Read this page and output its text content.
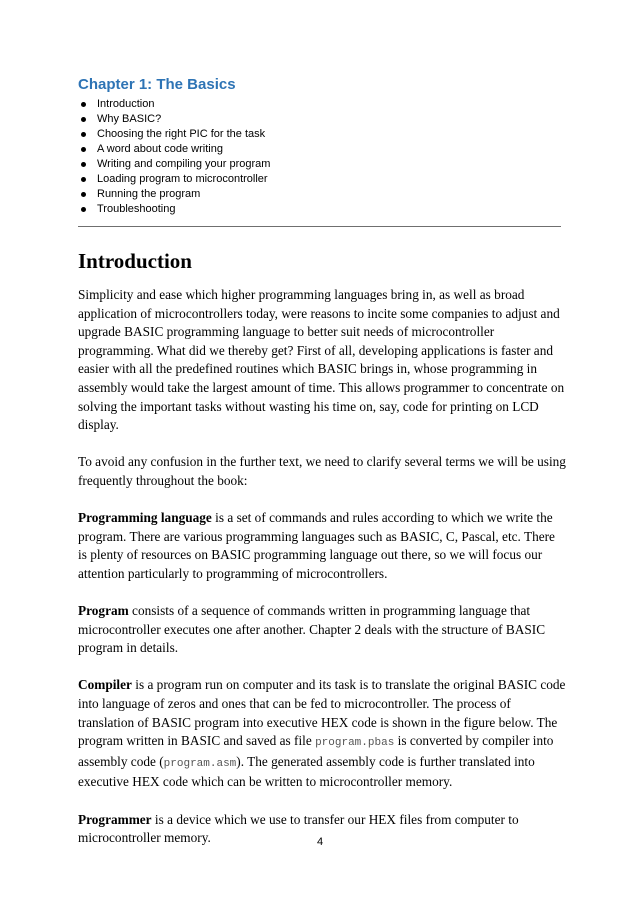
Chapter 1: The Basics
Introduction
Why BASIC?
Choosing the right PIC for the task
A word about code writing
Writing and compiling your program
Loading program to microcontroller
Running the program
Troubleshooting
Introduction

Simplicity and ease which higher programming languages bring in, as well as broad application of microcontrollers today, were reasons to incite some companies to adjust and upgrade BASIC programming language to better suit needs of microcontroller programming. What did we thereby get? First of all, developing applications is faster and easier with all the predefined routines which BASIC brings in, whose programming in assembly would take the largest amount of time. This allows programmer to concentrate on solving the important tasks without wasting his time on, say, code for printing on LCD display.

To avoid any confusion in the further text, we need to clarify several terms we will be using frequently throughout the book:

Programming language is a set of commands and rules according to which we write the program. There are various programming languages such as BASIC, C, Pascal, etc. There is plenty of resources on BASIC programming language out there, so we will focus our attention particularly to programming of microcontrollers.

Program consists of a sequence of commands written in programming language that microcontroller executes one after another. Chapter 2 deals with the structure of BASIC program in details.

Compiler is a program run on computer and its task is to translate the original BASIC code into language of zeros and ones that can be fed to microcontroller. The process of translation of BASIC program into executive HEX code is shown in the figure below. The program written in BASIC and saved as file program.pbas is converted by compiler into assembly code (program.asm). The generated assembly code is further translated into executive HEX code which can be written to microcontroller memory.

Programmer is a device which we use to transfer our HEX files from computer to microcontroller memory.	4
